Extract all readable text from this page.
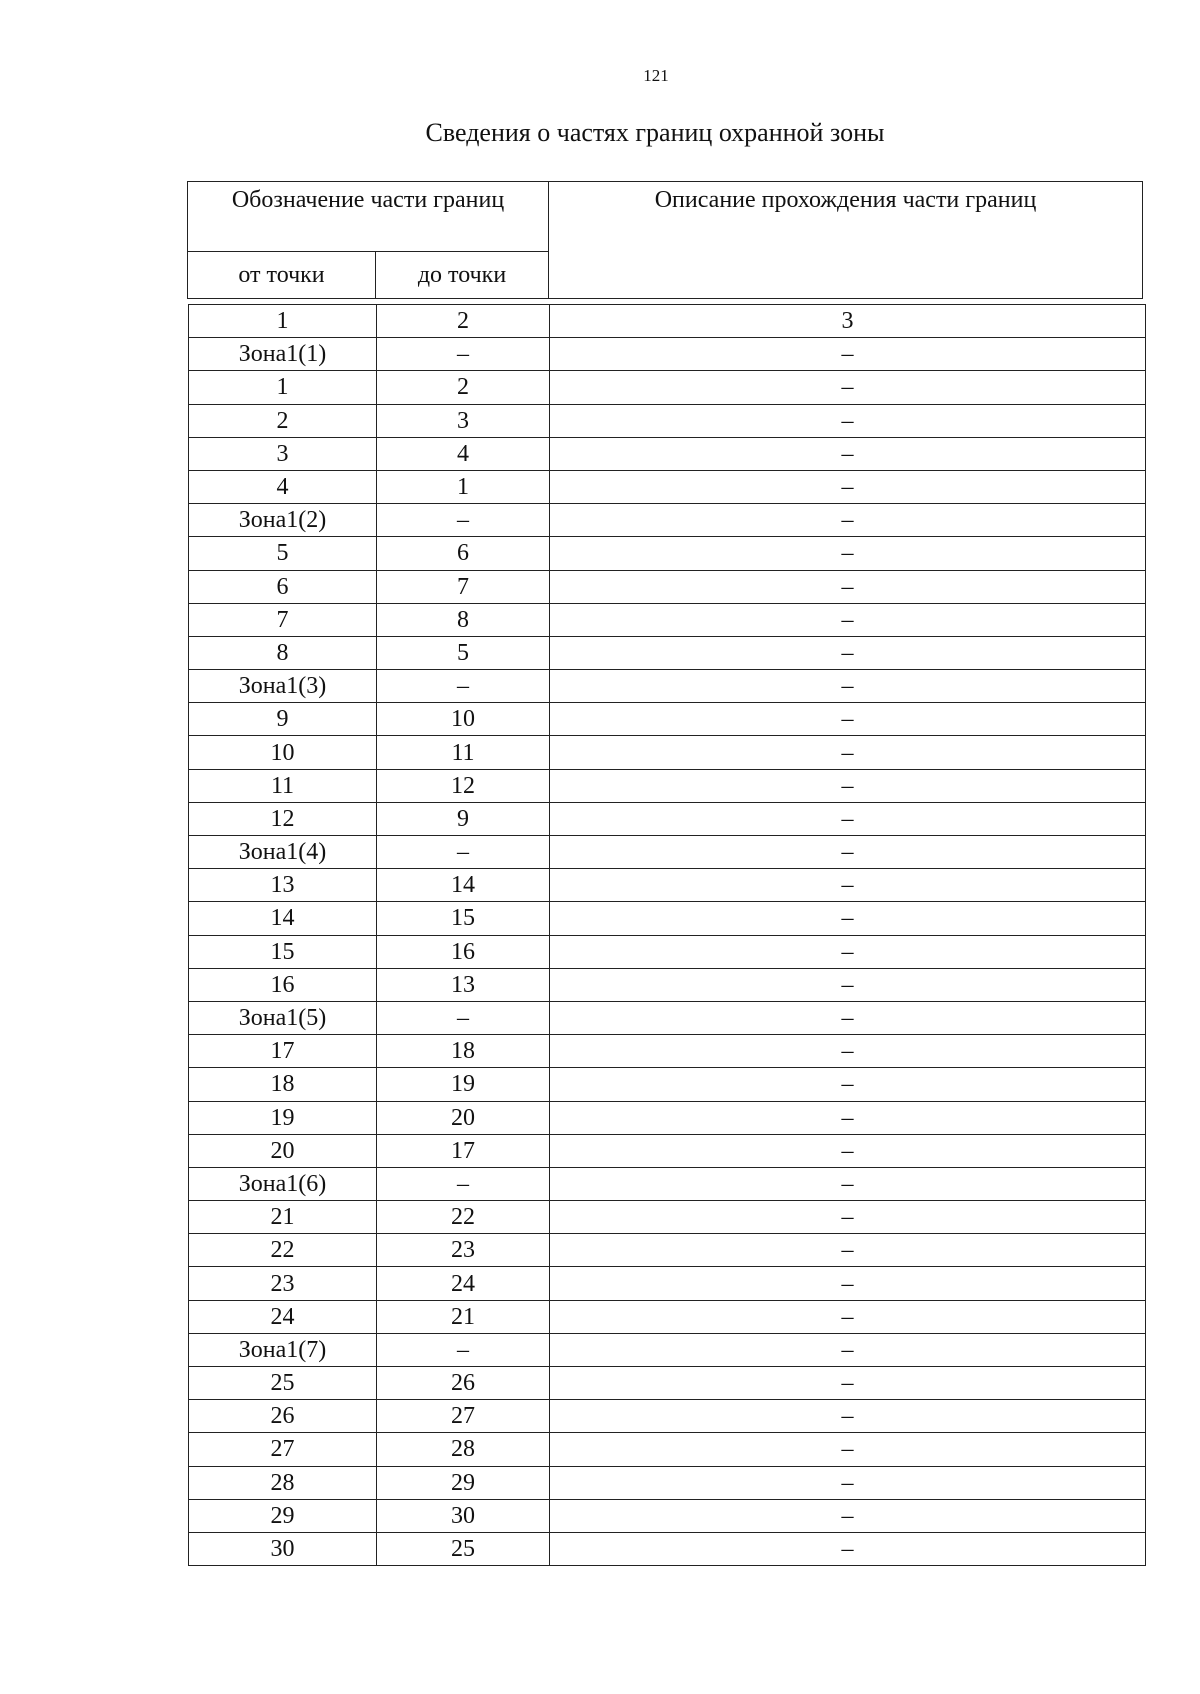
121
Сведения о частях границ охранной зоны
Обозначение части границ		Описание прохождения части границ
от точки	до точки	
1	2	3
Зона1(1)	–	–
1	2	–
2	3	–
3	4	–
4	1	–
Зона1(2)	–	–
5	6	–
6	7	–
7	8	–
8	5	–
Зона1(3)	–	–
9	10	–
10	11	–
11	12	–
12	9	–
Зона1(4)	–	–
13	14	–
14	15	–
15	16	–
16	13	–
Зона1(5)	–	–
17	18	–
18	19	–
19	20	–
20	17	–
Зона1(6)	–	–
21	22	–
22	23	–
23	24	–
24	21	–
Зона1(7)	–	–
25	26	–
26	27	–
27	28	–
28	29	–
29	30	–
30	25	–
